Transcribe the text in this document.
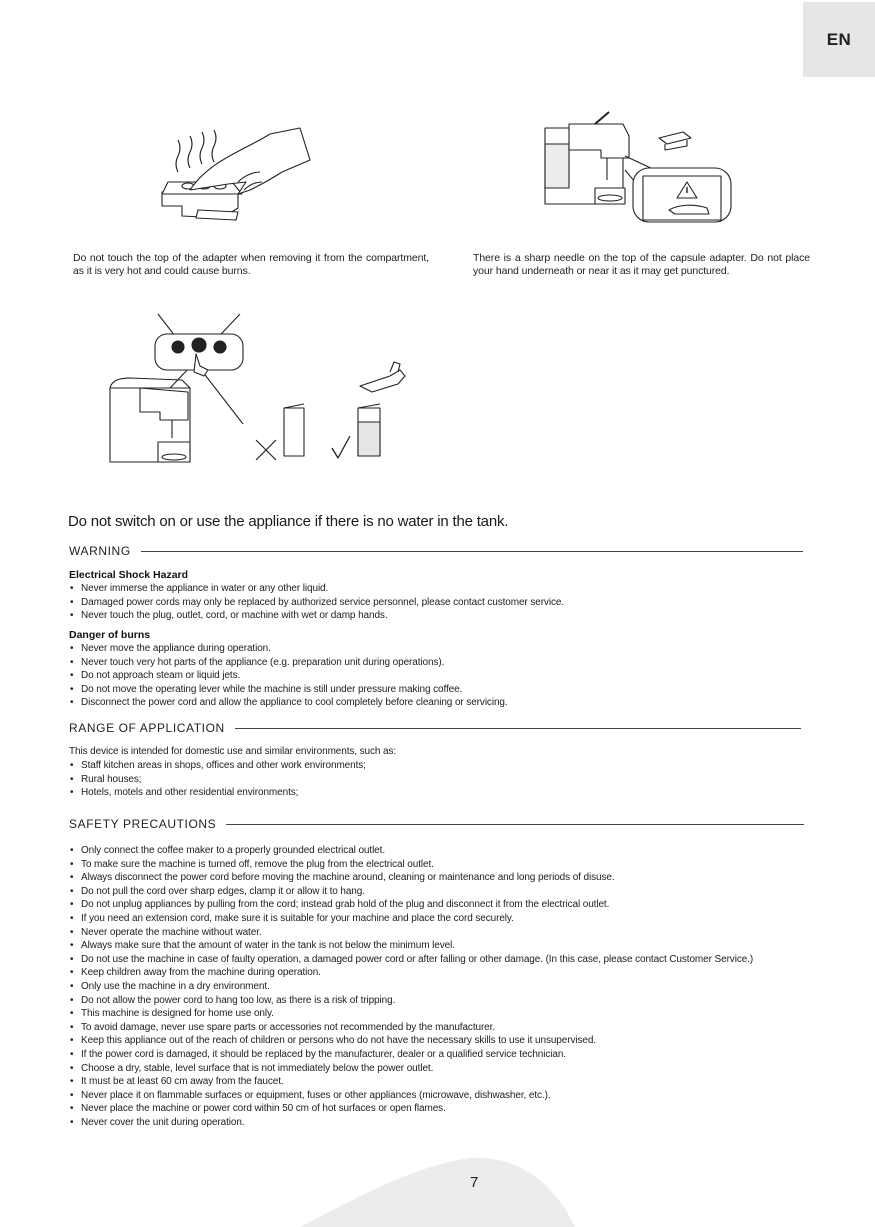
EN
Do not touch the top of the adapter when removing it from the compartment, as it is very hot and could cause burns.
There is a sharp needle on the top of the capsule adapter. Do not place your hand underneath or near it as it may get punctured.
Do not switch on or use the appliance if there is no water in the tank.
WARNING
Electrical Shock Hazard
• Never immerse the appliance in water or any other liquid.
• Damaged power cords may only be replaced by authorized service personnel, please contact customer service.
• Never touch the plug, outlet, cord, or machine with wet or damp hands.
Danger of burns
• Never move the appliance during operation.
• Never touch very hot parts of the appliance (e.g. preparation unit during operations).
• Do not approach steam or liquid jets.
• Do not move the operating lever while the machine is still under pressure making coffee.
• Disconnect the power cord and allow the appliance to cool completely before cleaning or servicing.
RANGE OF APPLICATION
This device is intended for domestic use and similar environments, such as:
• Staff kitchen areas in shops, offices and other work environments;
• Rural houses;
• Hotels, motels and other residential environments;
SAFETY PRECAUTIONS
• Only connect the coffee maker to a properly grounded electrical outlet.
• To make sure the machine is turned off, remove the plug from the electrical outlet.
• Always disconnect the power cord before moving the machine around, cleaning or maintenance and long periods of disuse.
• Do not pull the cord over sharp edges, clamp it or allow it to hang.
• Do not unplug appliances by pulling from the cord; instead grab hold of the plug and disconnect it from the electrical outlet.
• If you need an extension cord, make sure it is suitable for your machine and place the cord securely.
• Never operate the machine without water.
• Always make sure that the amount of water in the tank is not below the minimum level.
• Do not use the machine in case of faulty operation, a damaged power cord or after falling or other damage. (In this case, please contact Customer Service.)
• Keep children away from the machine during operation.
• Only use the machine in a dry environment.
• Do not allow the power cord to hang too low, as there is a risk of tripping.
• This machine is designed for home use only.
• To avoid damage, never use spare parts or accessories not recommended by the manufacturer.
• Keep this appliance out of the reach of children or persons who do not have the necessary skills to use it unsupervised.
• If the power cord is damaged, it should be replaced by the manufacturer, dealer or a qualified service technician.
• Choose a dry, stable, level surface that is not immediately below the power outlet.
• It must be at least 60 cm away from the faucet.
• Never place it on flammable surfaces or equipment, fuses or other appliances (microwave, dishwasher, etc.).
• Never place the machine or power cord within 50 cm of hot surfaces or open flames.
• Never cover the unit during operation.
7
